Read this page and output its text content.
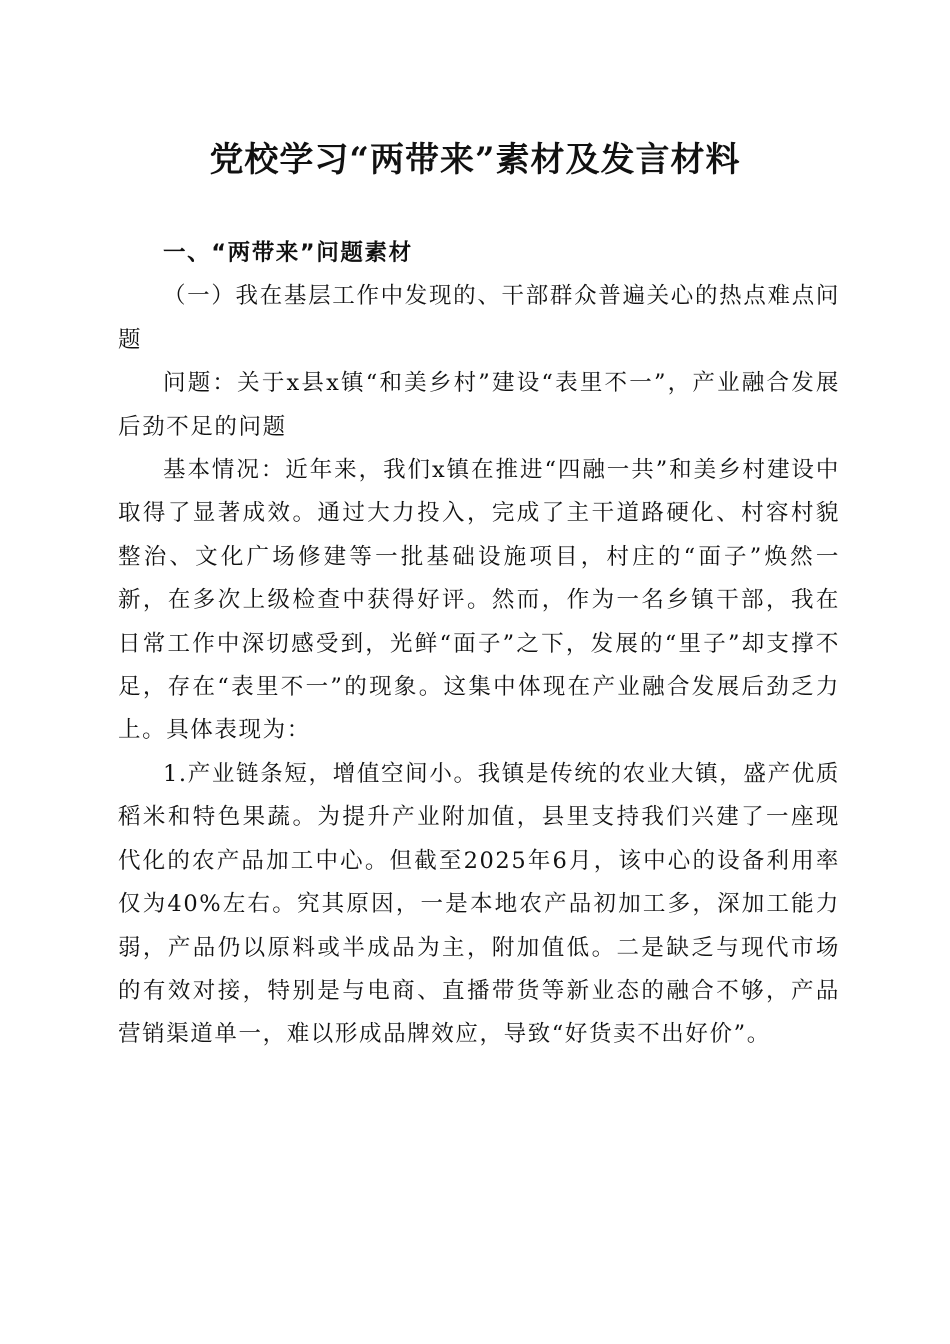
党校学习“两带来”素材及发言材料

一、“两带来”问题素材

（一）我在基层工作中发现的、干部群众普遍关心的热点难点问题

问题：关于x县x镇“和美乡村”建设“表里不一”，产业融合发展后劲不足的问题

基本情况：近年来，我们x镇在推进“四融一共”和美乡村建设中取得了显著成效。通过大力投入，完成了主干道路硬化、村容村貌整治、文化广场修建等一批基础设施项目，村庄的“面子”焕然一新，在多次上级检查中获得好评。然而，作为一名乡镇干部，我在日常工作中深切感受到，光鲜“面子”之下，发展的“里子”却支撑不足，存在“表里不一”的现象。这集中体现在产业融合发展后劲乏力上。具体表现为：

1.产业链条短，增值空间小。我镇是传统的农业大镇，盛产优质稻米和特色果蔬。为提升产业附加值，县里支持我们兴建了一座现代化的农产品加工中心。但截至2025年6月，该中心的设备利用率仅为40%左右。究其原因，一是本地农产品初加工多，深加工能力弱，产品仍以原料或半成品为主，附加值低。二是缺乏与现代市场的有效对接，特别是与电商、直播带货等新业态的融合不够，产品营销渠道单一，难以形成品牌效应，导致“好货卖不出好价”。
